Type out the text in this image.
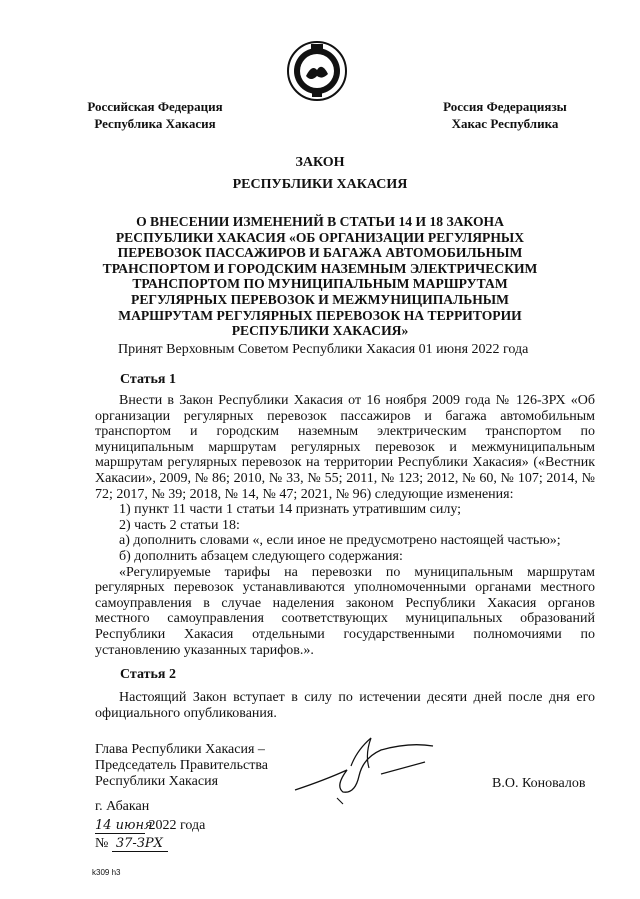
Российская Федерация
Республика Хакасия
Россия Федерациязы
Хакас Республика
ЗАКОН
РЕСПУБЛИКИ ХАКАСИЯ
О ВНЕСЕНИИ ИЗМЕНЕНИЙ В СТАТЬИ 14 И 18 ЗАКОНА
РЕСПУБЛИКИ ХАКАСИЯ «ОБ ОРГАНИЗАЦИИ РЕГУЛЯРНЫХ
ПЕРЕВОЗОК ПАССАЖИРОВ И БАГАЖА АВТОМОБИЛЬНЫМ
ТРАНСПОРТОМ И ГОРОДСКИМ НАЗЕМНЫМ ЭЛЕКТРИЧЕСКИМ
ТРАНСПОРТОМ ПО МУНИЦИПАЛЬНЫМ МАРШРУТАМ
РЕГУЛЯРНЫХ ПЕРЕВОЗОК И МЕЖМУНИЦИПАЛЬНЫМ
МАРШРУТАМ РЕГУЛЯРНЫХ ПЕРЕВОЗОК НА ТЕРРИТОРИИ
РЕСПУБЛИКИ ХАКАСИЯ»
Принят Верховным Советом Республики Хакасия 01 июня 2022 года
Статья 1

Внести в Закон Республики Хакасия от 16 ноября 2009 года № 126-ЗРХ «Об организации регулярных перевозок пассажиров и багажа автомобильным транспортом и городским наземным электрическим транспортом по муниципальным маршрутам регулярных перевозок и межмуниципальным маршрутам регулярных перевозок на территории Республики Хакасия» («Вестник Хакасии», 2009, № 86; 2010, № 33, № 55; 2011, № 123; 2012, № 60, № 107; 2014, № 72; 2017, № 39; 2018, № 14, № 47; 2021, № 96) следующие изменения:

1) пункт 11 части 1 статьи 14 признать утратившим силу;

2) часть 2 статьи 18:

а) дополнить словами «, если иное не предусмотрено настоящей частью»;

б) дополнить абзацем следующего содержания:

«Регулируемые тарифы на перевозки по муниципальным маршрутам регулярных перевозок устанавливаются уполномоченными органами местного самоуправления в случае наделения законом Республики Хакасия органов местного самоуправления соответствующих муниципальных образований Республики Хакасия отдельными государственными полномочиями по установлению указанных тарифов.».

Статья 2

Настоящий Закон вступает в силу по истечении десяти дней после дня его официального опубликования.

Глава Республики Хакасия –
Председатель Правительства
Республики Хакасия	В.О. Коновалов
г. Абакан
14 июня 2022 года
№ 37-ЗРХ
k309 h3
